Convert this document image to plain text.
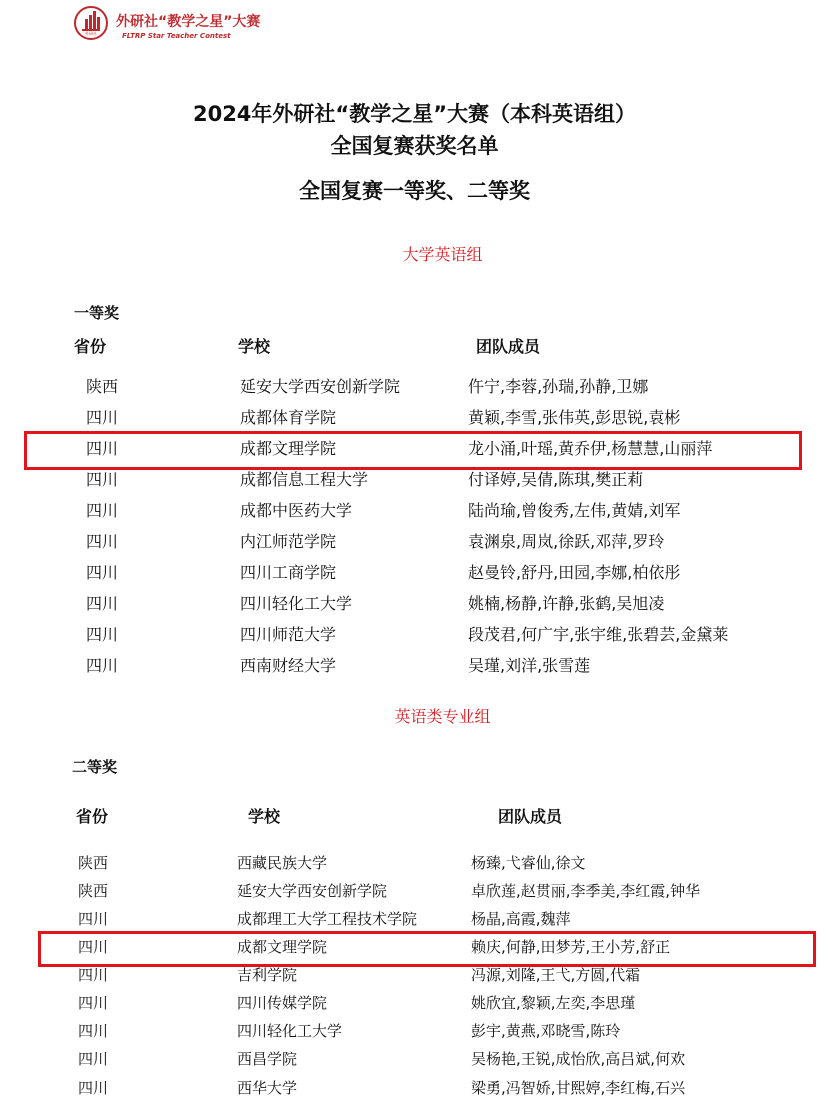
外研社
外研社“教学之星”大赛
FLTRP Star Teacher Contest
2024年外研社“教学之星”大赛（本科英语组）
全国复赛获奖名单
全国复赛一等奖、二等奖
大学英语组
一等奖
省份	学校	团队成员
陕西	延安大学西安创新学院	仵宁,李蓉,孙瑞,孙静,卫娜
四川	成都体育学院	黄颖,李雪,张伟英,彭思锐,袁彬
四川	成都文理学院	龙小涌,叶瑶,黄乔伊,杨慧慧,山丽萍
四川	成都信息工程大学	付译婷,吴倩,陈琪,樊正莉
四川	成都中医药大学	陆尚瑜,曾俊秀,左伟,黄婧,刘军
四川	内江师范学院	袁渊泉,周岚,徐跃,邓萍,罗玲
四川	四川工商学院	赵曼铃,舒丹,田园,李娜,柏依彤
四川	四川轻化工大学	姚楠,杨静,许静,张鹤,吴旭凌
四川	四川师范大学	段茂君,何广宇,张宇维,张碧芸,金黛莱
四川	西南财经大学	吴瑾,刘洋,张雪莲
英语类专业组
二等奖
省份	学校	团队成员
陕西	西藏民族大学	杨臻,弋睿仙,徐文
陕西	延安大学西安创新学院	卓欣莲,赵贯丽,李季美,李红霞,钟华
四川	成都理工大学工程技术学院	杨晶,高霞,魏萍
四川	成都文理学院	赖庆,何静,田梦芳,王小芳,舒正
四川	吉利学院	冯源,刘隆,王弋,方圆,代霜
四川	四川传媒学院	姚欣宜,黎颖,左奕,李思瑾
四川	四川轻化工大学	彭宇,黄燕,邓晓雪,陈玲
四川	西昌学院	吴杨艳,王锐,成怡欣,高吕斌,何欢
四川	西华大学	梁勇,冯智娇,甘熙婷,李红梅,石兴
